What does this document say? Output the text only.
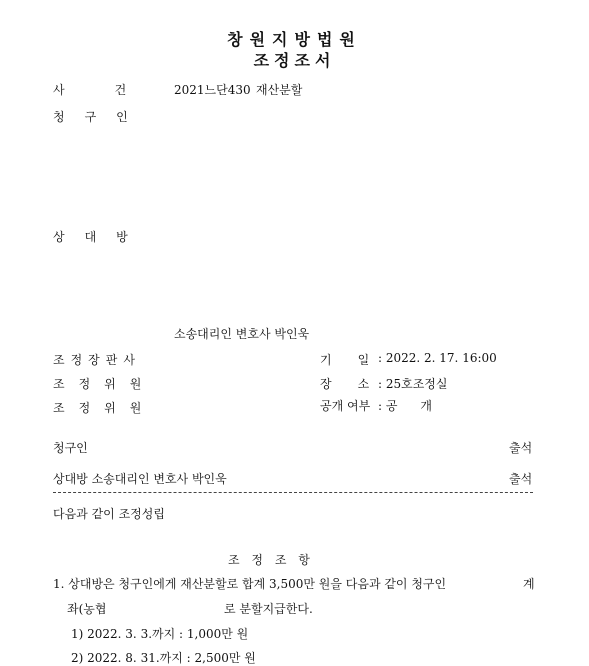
창원지방법원
조정조서
사건
2021느단430 재산분할
청구인
상대방
소송대리인 변호사 박인욱
조정장판사
조정위원
조정위원
기일
: 2022. 2. 17. 16:00
장소
: 25호조정실
공개 여부 : 공      개
청구인	출석
상대방 소송대리인 변호사 박인욱	출석
다음과 같이 조정성립
조 정 조 항
1. 상대방은 청구인에게 재산분할로 합계 3,500만 원을 다음과 같이 청구인	계
좌(농협	로 분할지급한다.
1) 2022. 3. 3.까지 : 1,000만 원
2) 2022. 8. 31.까지 : 2,500만 원
